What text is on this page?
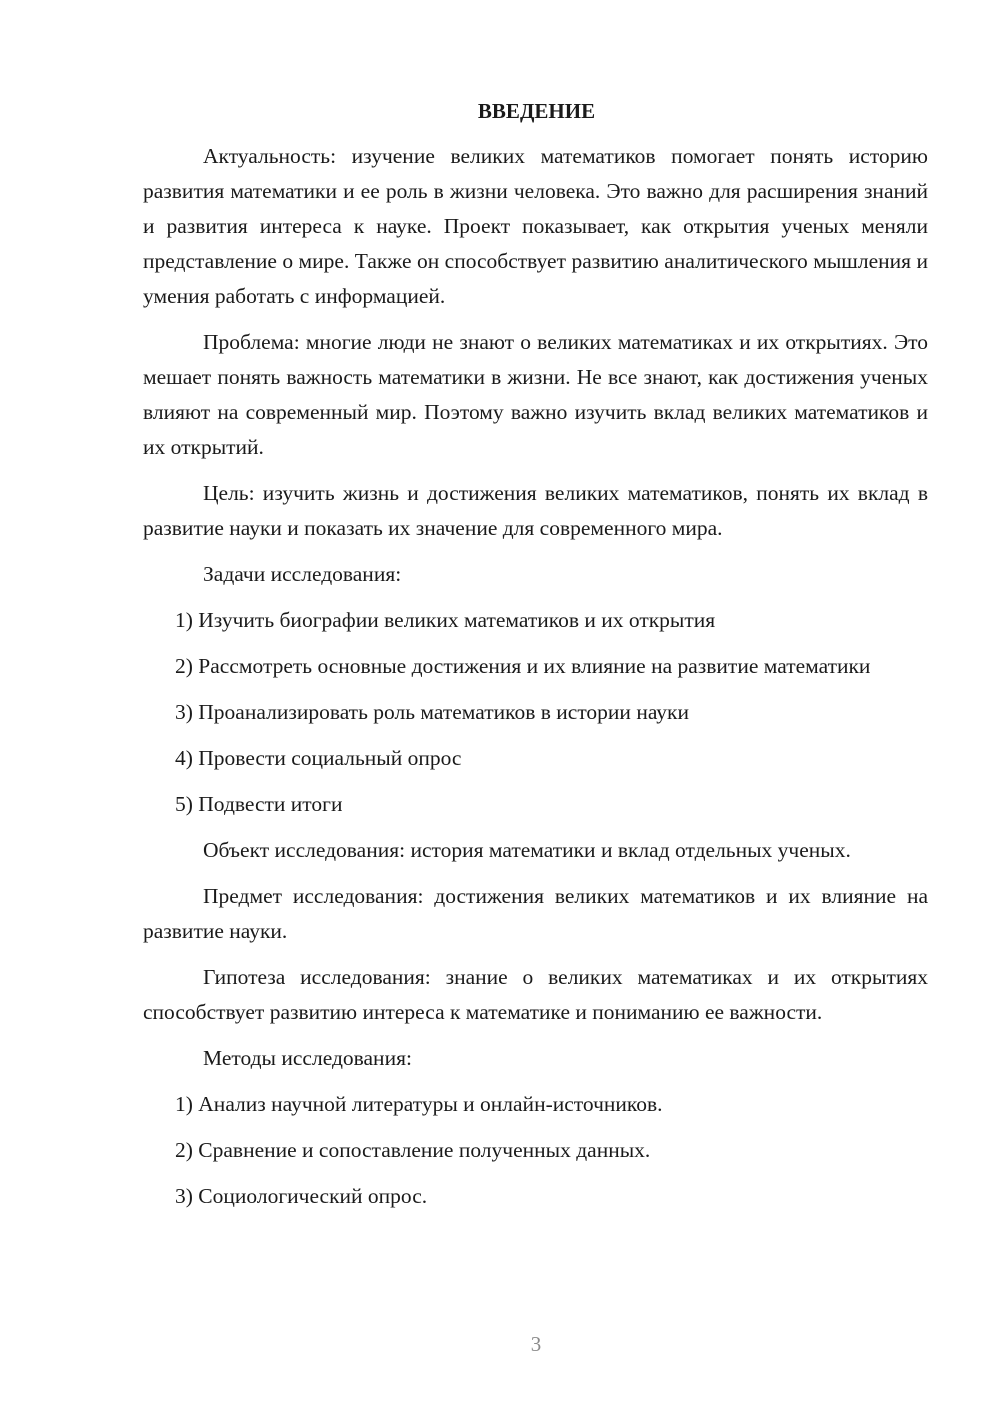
ВВЕДЕНИЕ

Актуальность: изучение великих математиков помогает понять историю развития математики и ее роль в жизни человека. Это важно для расширения знаний и развития интереса к науке. Проект показывает, как открытия ученых меняли представление о мире. Также он способствует развитию аналитического мышления и умения работать с информацией.

Проблема: многие люди не знают о великих математиках и их открытиях. Это мешает понять важность математики в жизни. Не все знают, как достижения ученых влияют на современный мир. Поэтому важно изучить вклад великих математиков и их открытий.

Цель: изучить жизнь и достижения великих математиков, понять их вклад в развитие науки и показать их значение для современного мира.

Задачи исследования:

1) Изучить биографии великих математиков и их открытия

2) Рассмотреть основные достижения и их влияние на развитие математики

3) Проанализировать роль математиков в истории науки

4) Провести социальный опрос

5) Подвести итоги

Объект исследования: история математики и вклад отдельных ученых.

Предмет исследования: достижения великих математиков и их влияние на развитие науки.

Гипотеза исследования: знание о великих математиках и их открытиях способствует развитию интереса к математике и пониманию ее важности.

Методы исследования:

1) Анализ научной литературы и онлайн-источников.

2) Сравнение и сопоставление полученных данных.

3) Социологический опрос.

3
